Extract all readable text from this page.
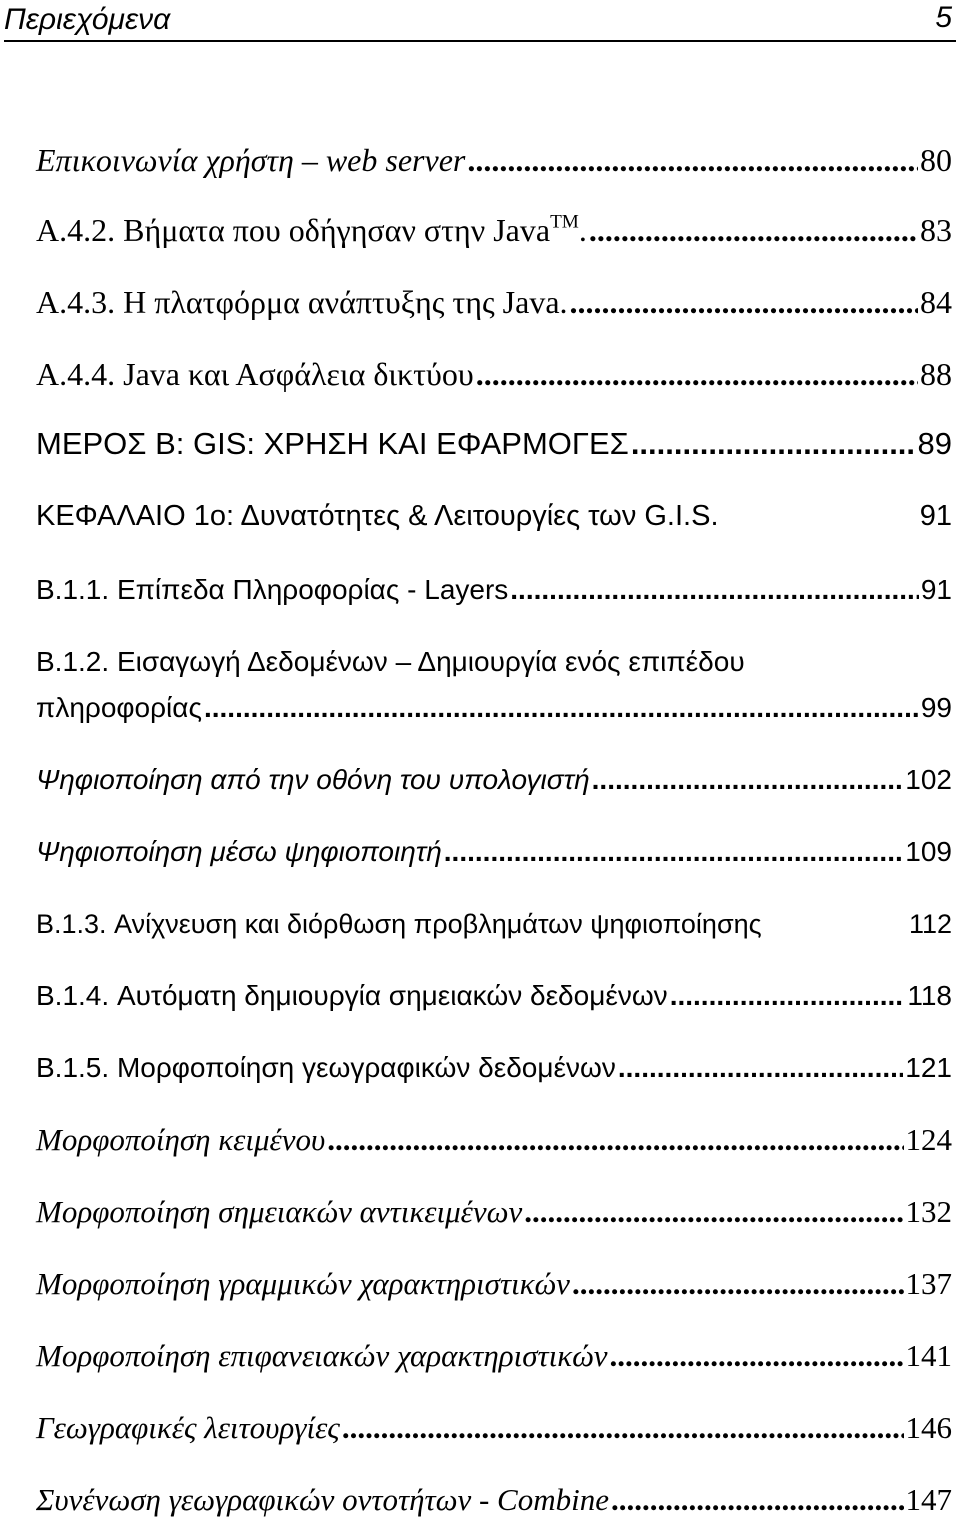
Περιεχόμενα	5
Επικοινωνία χρήστη – web server .....	80
A.4.2. Βήματα που οδήγησαν στην Java™. .....	83
A.4.3. Η πλατφόρμα ανάπτυξης της Java. .....	84
A.4.4. Java και Ασφάλεια δικτύου .....	88
ΜΕΡΟΣ Β: GIS: ΧΡΗΣΗ ΚΑΙ ΕΦΑΡΜΟΓΕΣ .....	89
ΚΕΦΑΛΑΙΟ 1ο: Δυνατότητες & Λειτουργίες των G.I.S.	91
B.1.1. Επίπεδα Πληροφορίας - Layers .....	91
B.1.2. Εισαγωγή Δεδομένων – Δημιουργία ενός επιπέδου
πληροφορίας .....	99
Ψηφιοποίηση από την οθόνη του υπολογιστή .....	102
Ψηφιοποίηση μέσω ψηφιοποιητή .....	109
B.1.3. Ανίχνευση και διόρθωση προβλημάτων ψηφιοποίησης	112
B.1.4. Αυτόματη δημιουργία σημειακών δεδομένων .....	118
B.1.5. Μορφοποίηση γεωγραφικών δεδομένων .....	121
Μορφοποίηση κειμένου .....	124
Μορφοποίηση σημειακών αντικειμένων .....	132
Μορφοποίηση γραμμικών χαρακτηριστικών .....	137
Μορφοποίηση επιφανειακών χαρακτηριστικών .....	141
Γεωγραφικές λειτουργίες .....	146
Συνένωση γεωγραφικών οντοτήτων - Combine .....	147
